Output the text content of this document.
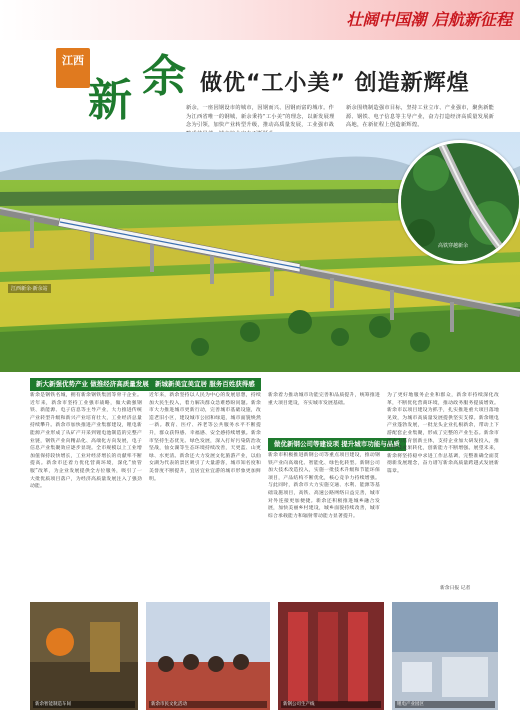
壮阔中国潮 启航新征程
江西
新 余 做优“工小美” 创造新辉煌
新余，一座因钢设市的城市，因钢而兴、因钢而富的城市。作为江西省唯一的钢城，新余秉持“工小美”的理念，以新发展理念为引领，加快产业转型升级，推动高质量发展，工业强市战
新余围绕制造强市目标，坚持工业立市、产业强市，聚焦新能源、钢铁、电子信息等主导产业，奋力打造经济高质量发展新高地，在新征程上创造新辉煌。
江西新余·新余站
高铁穿越新余
新大新强优势产业 做推经济高质量发展 新城新美宜美宜居 服务百姓获得感
做优新钢公司等建设项 提升城市功能与品质
新余是钢铁名城，拥有新余钢铁集团等骨干企业。近年来，新余市坚持工业强市战略，做大做强钢铁、新能源、电子信息等主导产业，大力推进传统产业转型升级和新兴产业培育壮大，工业经济总量持续攀升。新余市加快推进产业集群建设，锂电新能源产业形成了从矿产开采到锂电池制造的完整产业链，钢铁产业向精品化、高端化方向发展，电子信息产业集聚效应逐步显现。全市规模以上工业增加值保持较快增长，工业对经济增长的贡献率不断提高。新余市还着力优化营商环境，深化“放管服”改革，为企业发展提供全方位服务，吸引了一大批优质项目落户，为经济高质量发展注入了强劲动能。
近年来，新余坚持以人民为中心的发展思想，持续加大民生投入，着力解决群众急难愁盼问题。新余市大力推进城市更新行动，完善城市基础设施，改造老旧小区，建设城市公园和绿道，城市面貌焕然一新。教育、医疗、养老等公共服务水平不断提升，群众获得感、幸福感、安全感持续增强。新余市坚持生态优先、绿色发展，深入打好污染防治攻坚战，仙女湖等生态环境持续改善，天更蓝、山更绿、水更清。新余还大力发展文化旅游产业，以仙女湖为代表的景区吸引了大量游客，城市知名度和美誉度不断提升，宜居宜业宜游的城市形象更加鲜明。
新余着力推动城市功能完善和品质提升，统筹推进重大项目建设，夯实城市发展基础。
新余市积极推进新钢公司等重点项目建设，推动钢铁产业向高端化、智能化、绿色化转型。新钢公司加大技术改造投入，实施一批技术升级和节能环保项目，产品结构不断优化，核心竞争力持续增强。与此同时，新余市大力实施交通、水利、能源等基础设施项目，高铁、高速公路网络日益完善，城市对外连接更加便捷。新余还积极推进城乡融合发展，加快美丽乡村建设，城乡面貌持续改善，城市综合承载能力和辐射带动能力显著提升。
为了更好地服务企业和群众，新余市持续深化改革，不断优化营商环境，推动政务服务提质增效。新余市以项目建设为抓手，扎实推进重大项目落地见效，为城市高质量发展提供坚实支撑。新余锂电产业蓬勃发展，一批龙头企业扎根新余，带动上下游配套企业集聚，形成了完整的产业生态。新余市还大力培育创新主体，支持企业加大研发投入，推动科技成果转化，创新能力不断增强。展望未来，新余将坚持稳中求进工作总基调，完整准确全面贯彻新发展理念，奋力谱写新余高质量跨越式发展新篇章。
新余日报 记者
新余智能制造车间	新余市民文化活动	新钢公司生产线	锂电产业园区
